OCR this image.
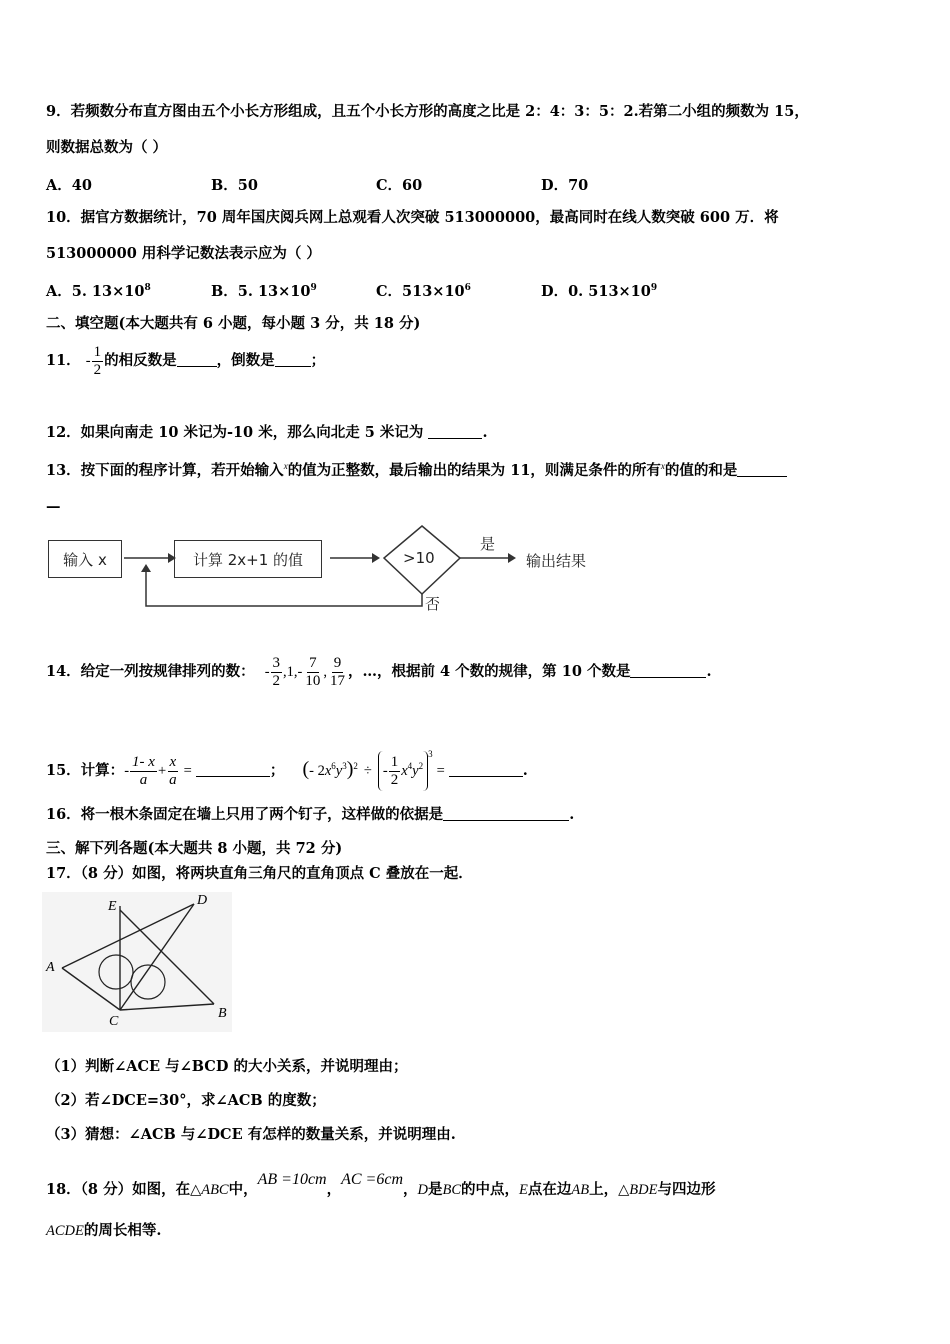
9．若频数分布直方图由五个小长方形组成，且五个小长方形的高度之比是 2：4：3：5：2.若第二小组的频数为 15，
则数据总数为（ ）
A．40	B．50	C．60	D．70
10．据官方数据统计，70 周年国庆阅兵网上总观看人次突破 513000000，最高同时在线人数突破 600 万．将
513000000 用科学记数法表示应为（ ）
A．5. $13\times 10^8$	B．5. $13\times 10^9$	C．$513\times 10^6$	D．0. $513\times 10^9$
二、填空题(本大题共有 6 小题，每小题 3 分，共 18 分)
11． - $\frac{1}{2}$ 的相反数是	，倒数是 ；
12．如果向南走 10 米记为-10 米，那么向北走 5 米记为	.
13．按下面的程序计算，若开始输入$^x$的值为正整数，最后输出的结果为 11，则满足条件的所有$^x$的值的和是
—
输入 x	计算 2x+1 的值	>10
是
输出结果
否
14．给定一列按规律排列的数： - $\frac{3}{2} ,1,- \frac{7}{10}$ , $\frac{9}{17}$ ，…，根据前 4 个数的规律，第 10 个数是	.
15．计算：- $\frac{1- x}{a} + \frac{x}{a}$ =	； (- $2x^6y^3)^2$ ÷ - $\frac{1}{2} x^4y^{23}=$	.
16．将一根木条固定在墙上只用了两个钉子，这样做的依据是	.
三、解下列各题(本大题共 8 小题，共 72 分)
17．（8 分）如图，将两块直角三角尺的直角顶点 C 叠放在一起．
A
B
C
D
E
（1）判断∠ACE 与∠BCD 的大小关系，并说明理由；
（2）若∠DCE=30°，求∠ACB 的度数；
（3）猜想：∠ACB 与∠DCE 有怎样的数量关系，并说明理由.
18．（8 分）如图，在△ABC中，AB =10cm，AC =6cm，D是BC的中点，E点在边AB上，△BDE与四边形
ACDE的周长相等.
